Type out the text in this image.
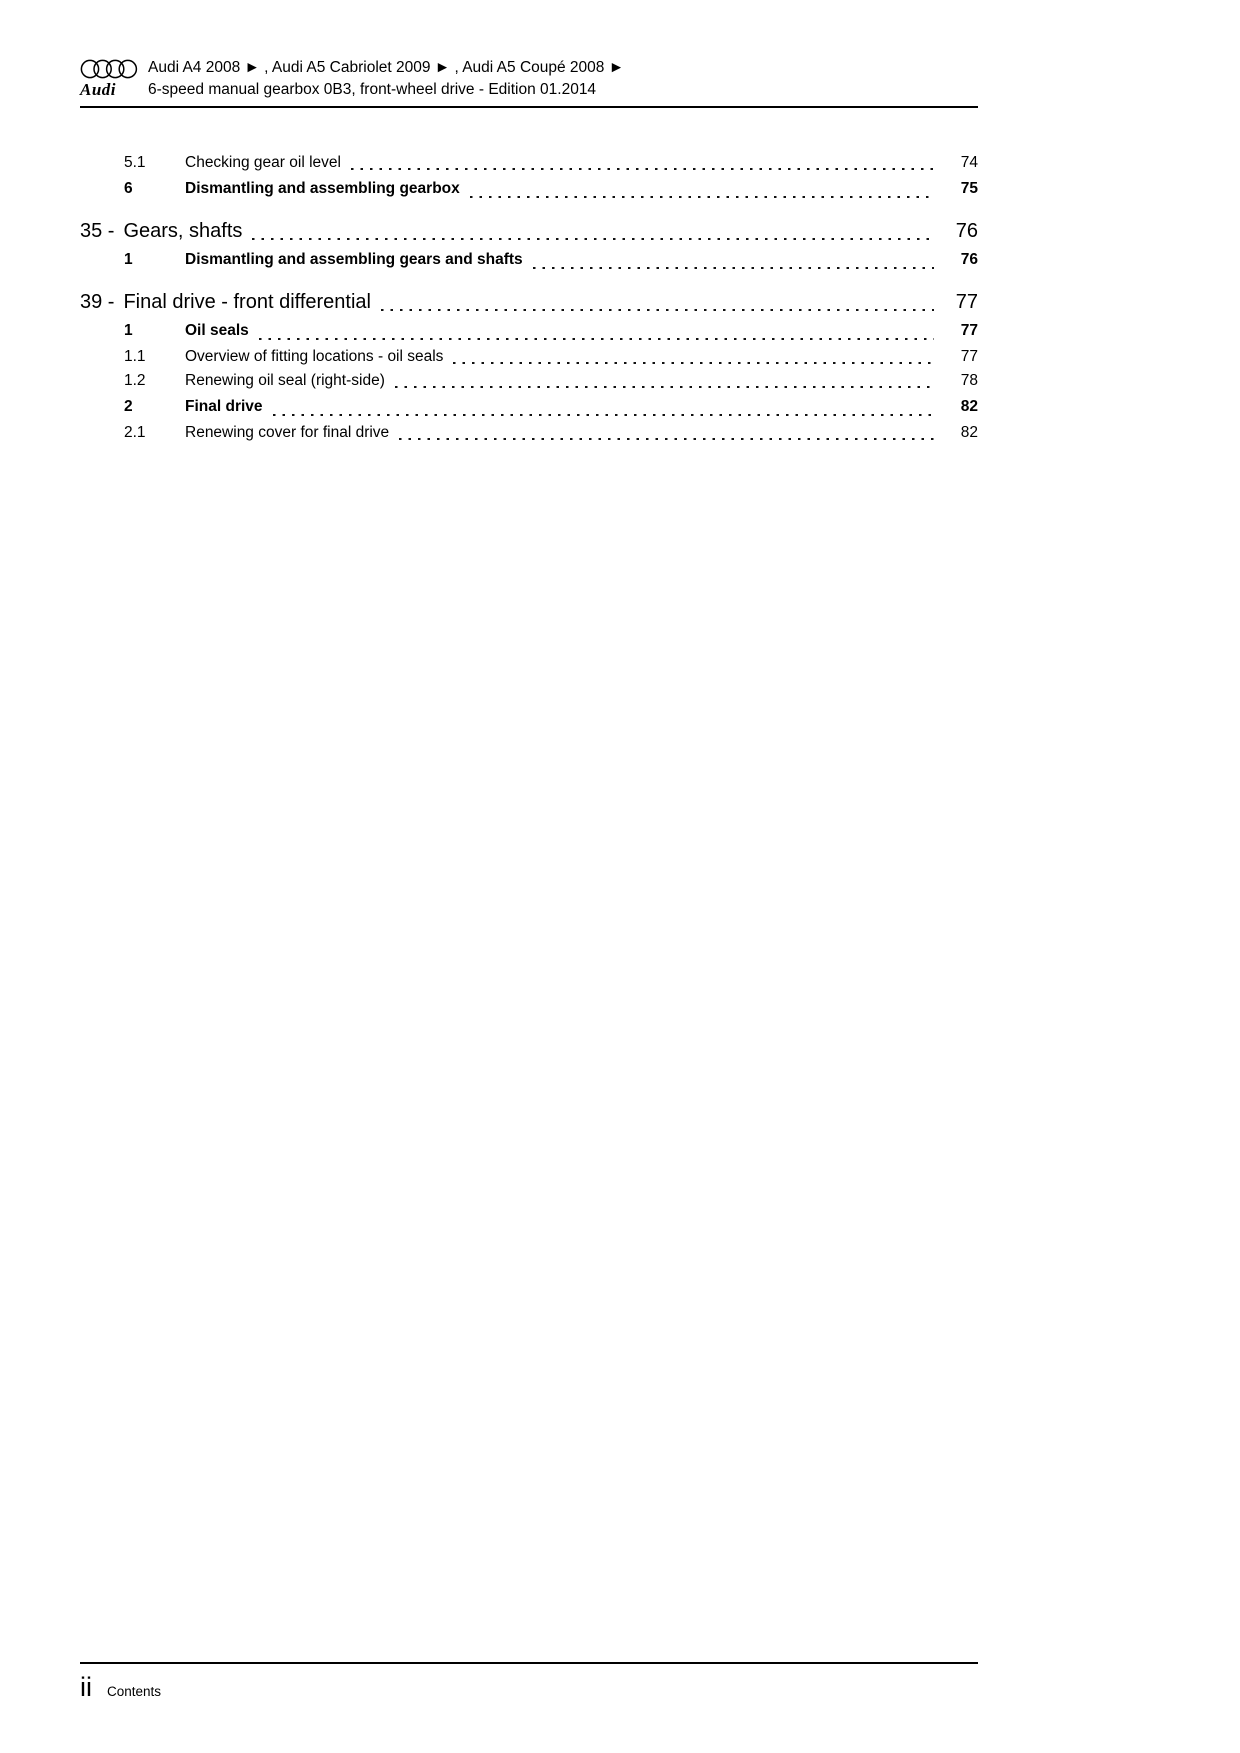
Audi
Audi A4 2008 ► , Audi A5 Cabriolet 2009 ► , Audi A5 Coupé 2008 ►
6-speed manual gearbox 0B3, front-wheel drive - Edition 01.2014
5.1	Checking gear oil level	74
6	Dismantling and assembling gearbox	75
35 - Gears, shafts	76
1	Dismantling and assembling gears and shafts	76
39 - Final drive - front differential	77
1	Oil seals	77
1.1	Overview of fitting locations - oil seals	77
1.2	Renewing oil seal (right-side)	78
2	Final drive	82
2.1	Renewing cover for final drive	82
ii Contents
